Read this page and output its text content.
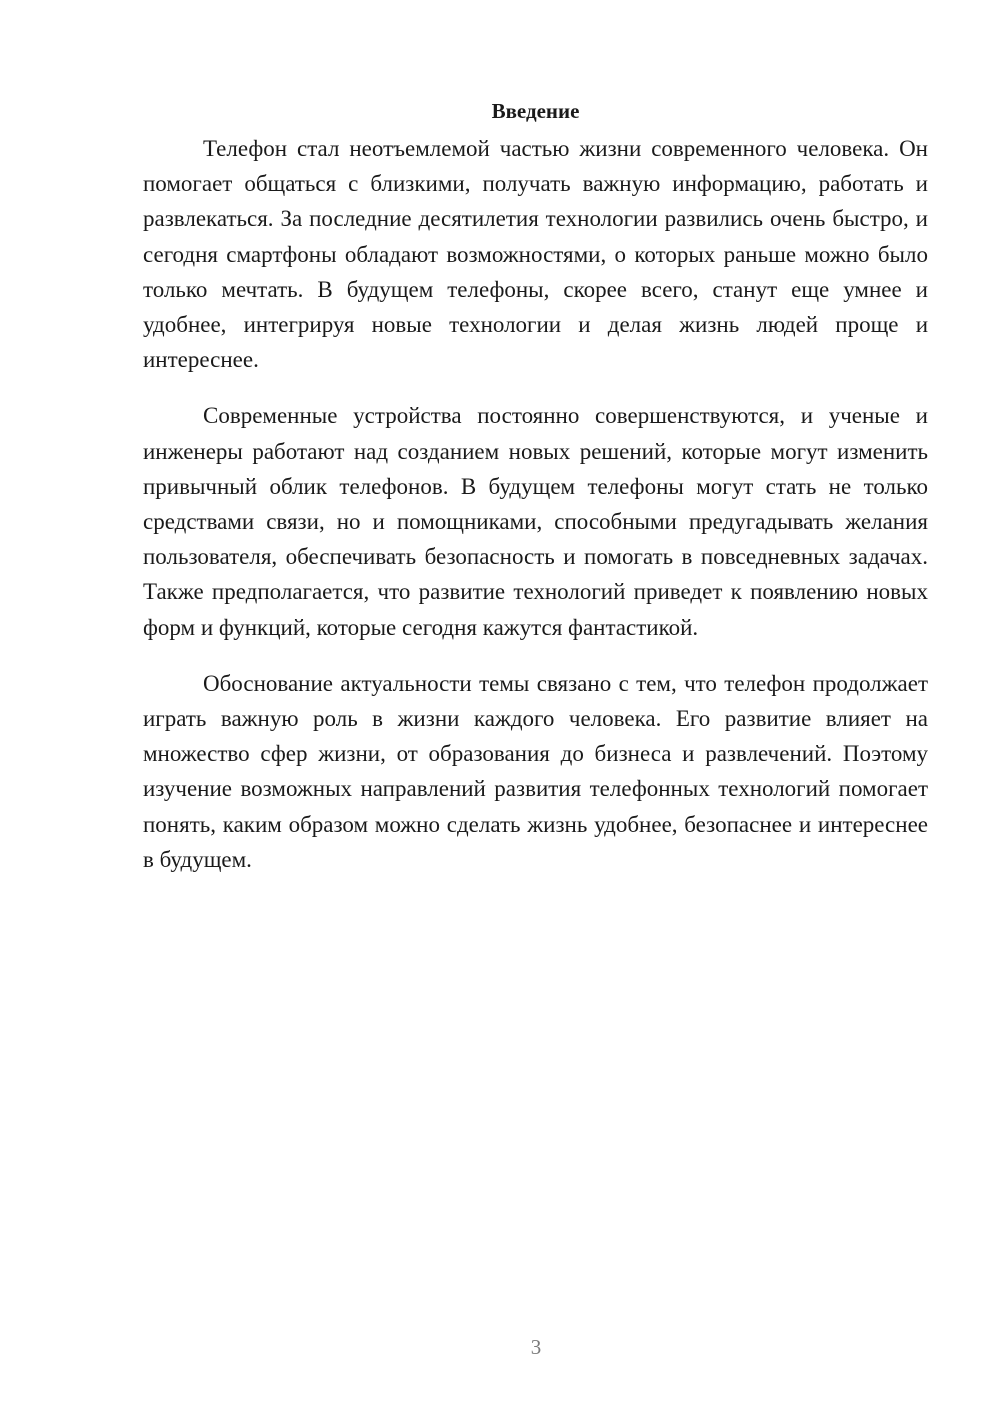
Введение

Телефон стал неотъемлемой частью жизни современного человека. Он помогает общаться с близкими, получать важную информацию, работать и развлекаться. За последние десятилетия технологии развились очень быстро, и сегодня смартфоны обладают возможностями, о которых раньше можно было только мечтать. В будущем телефоны, скорее всего, станут еще умнее и удобнее, интегрируя новые технологии и делая жизнь людей проще и интереснее.

Современные устройства постоянно совершенствуются, и ученые и инженеры работают над созданием новых решений, которые могут изменить привычный облик телефонов. В будущем телефоны могут стать не только средствами связи, но и помощниками, способными предугадывать желания пользователя, обеспечивать безопасность и помогать в повседневных задачах. Также предполагается, что развитие технологий приведет к появлению новых форм и функций, которые сегодня кажутся фантастикой.

Обоснование актуальности темы связано с тем, что телефон продолжает играть важную роль в жизни каждого человека. Его развитие влияет на множество сфер жизни, от образования до бизнеса и развлечений. Поэтому изучение возможных направлений развития телефонных технологий помогает понять, каким образом можно сделать жизнь удобнее, безопаснее и интереснее в будущем.

3
